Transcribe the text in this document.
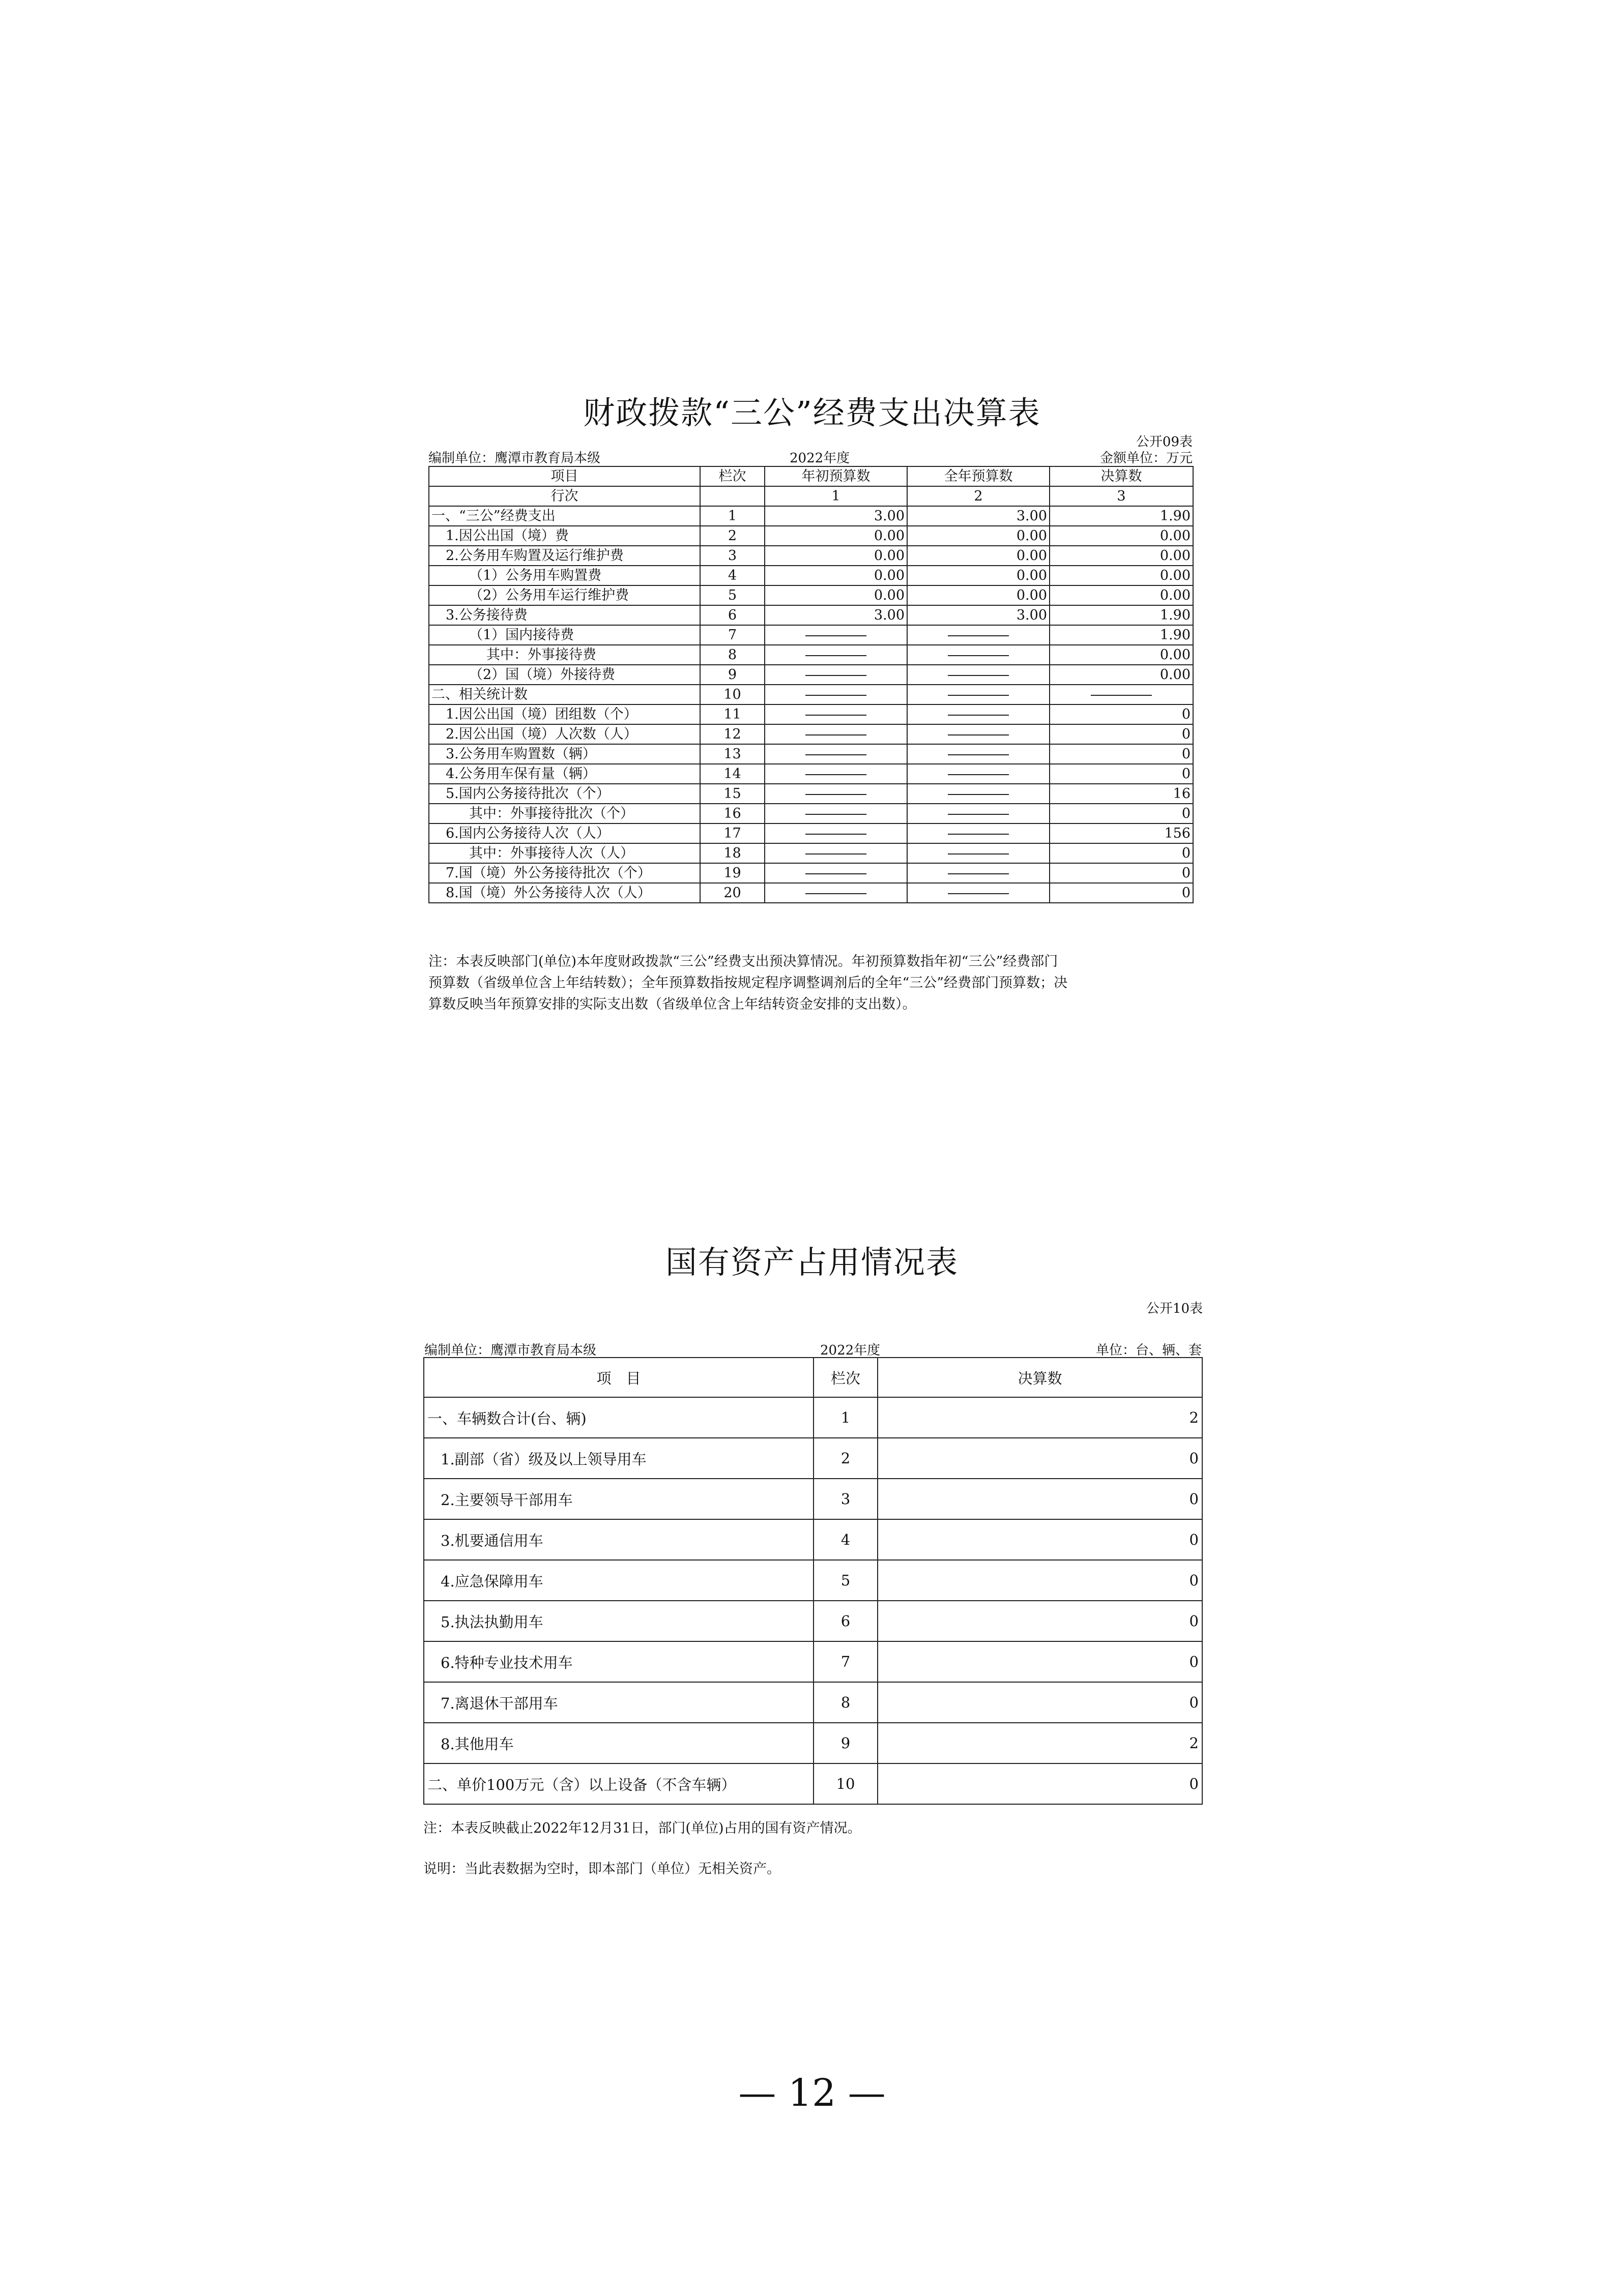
财政拨款“三公”经费支出决算表
公开09表
编制单位：鹰潭市教育局本级	2022年度	金额单位：万元
项目	栏次	年初预算数	全年预算数	决算数
行次		1	2	3
一、“三公”经费支出	1	3.00	3.00	1.90
1.因公出国（境）费	2	0.00	0.00	0.00
2.公务用车购置及运行维护费	3	0.00	0.00	0.00
（1）公务用车购置费	4	0.00	0.00	0.00
（2）公务用车运行维护费	5	0.00	0.00	0.00
3.公务接待费	6	3.00	3.00	1.90
（1）国内接待费	7			1.90
其中：外事接待费	8			0.00
（2）国（境）外接待费	9			0.00
二、相关统计数	10			
1.因公出国（境）团组数（个）	11			0
2.因公出国（境）人次数（人）	12			0
3.公务用车购置数（辆）	13			0
4.公务用车保有量（辆）	14			0
5.国内公务接待批次（个）	15			16
其中：外事接待批次（个）	16			0
6.国内公务接待人次（人）	17			156
其中：外事接待人次（人）	18			0
7.国（境）外公务接待批次（个）	19			0
8.国（境）外公务接待人次（人）	20			0
注：本表反映部门(单位)本年度财政拨款“三公”经费支出预决算情况。年初预算数指年初“三公”经费部门
预算数（省级单位含上年结转数）；全年预算数指按规定程序调整调剂后的全年“三公”经费部门预算数；决
算数反映当年预算安排的实际支出数（省级单位含上年结转资金安排的支出数）。
国有资产占用情况表
公开10表
编制单位：鹰潭市教育局本级	2022年度	单位：台、辆、套
项　目	栏次	决算数
一、车辆数合计(台、辆)	1	2
1.副部（省）级及以上领导用车	2	0
2.主要领导干部用车	3	0
3.机要通信用车	4	0
4.应急保障用车	5	0
5.执法执勤用车	6	0
6.特种专业技术用车	7	0
7.离退休干部用车	8	0
8.其他用车	9	2
二、单价100万元（含）以上设备（不含车辆）	10	0
注：本表反映截止2022年12月31日，部门(单位)占用的国有资产情况。
说明：当此表数据为空时，即本部门（单位）无相关资产。
— 12 —
